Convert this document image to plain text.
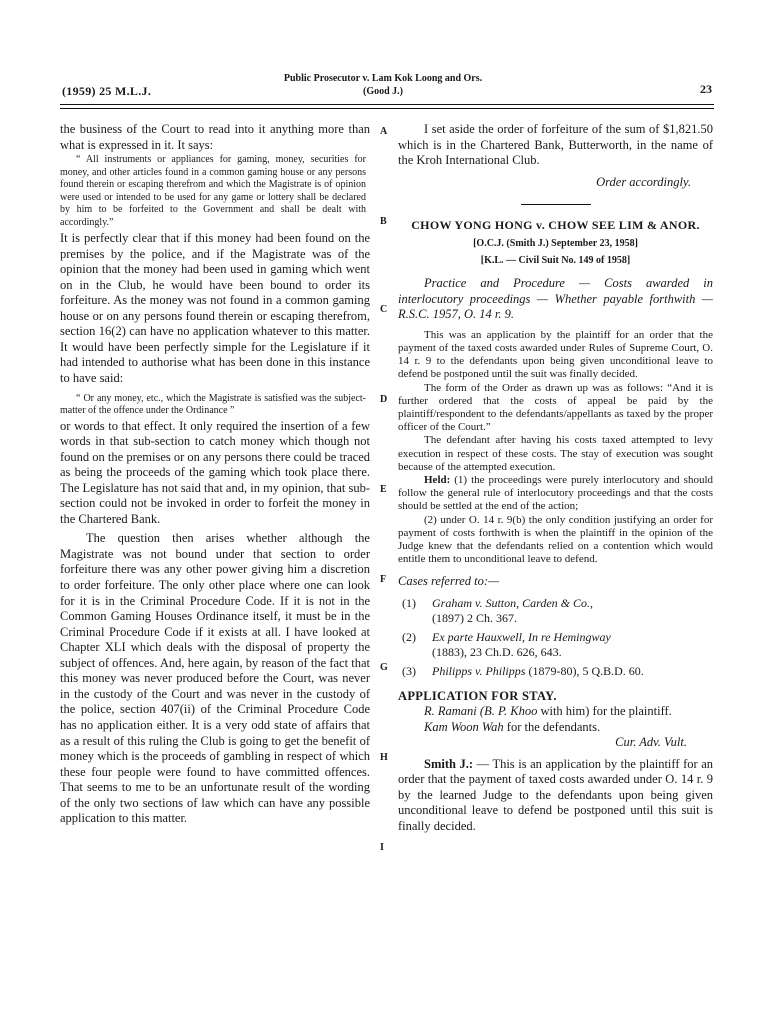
(1959) 25 M.L.J.
Public Prosecutor v. Lam Kok Loong and Ors.
(Good J.)	23
A
B
C
D
E
F
G
H
I

the business of the Court to read into it anything more than what is expressed in it. It says:

“ All instruments or appliances for gaming, money, securities for money, and other articles found in a common gaming house or any persons found therein or escaping therefrom and which the Magistrate is of opinion were used or intended to be used for any game or lottery shall be declared by him to be forfeited to the Government and shall be dealt with accordingly.”

It is perfectly clear that if this money had been found on the premises by the police, and if the Magistrate was of the opinion that the money had been used in gaming which went on in the Club, he would have been bound to order its forfeiture. As the money was not found in a common gaming house or on any persons found therein or escaping therefrom, section 16(2) can have no application whatever to this matter. It would have been perfectly simple for the Legislature if it had intended to authorise what has been done in this instance to have said:

“ Or any money, etc., which the Magistrate is satisfied was the subject-matter of the offence under the Ordinance ”

or words to that effect. It only required the insertion of a few words in that sub-section to catch money which though not found on the premises or on any persons there could be traced as being the proceeds of the gaming which took place there. The Legislature has not said that and, in my opinion, that sub-section could not be invoked in order to forfeit the money in the Chartered Bank.

The question then arises whether although the Magistrate was not bound under that section to order forfeiture there was any other power giving him a discretion to order forfeiture. The only other place where one can look for it is in the Criminal Procedure Code. If it is not in the Common Gaming Houses Ordinance itself, it must be in the Criminal Procedure Code if it exists at all. I have looked at Chapter XLI which deals with the disposal of property the subject of offences. And, here again, by reason of the fact that this money was never produced before the Court, was never in the custody of the Court and was never in the custody of the police, section 407(ii) of the Criminal Procedure Code has no application either. It is a very odd state of affairs that as a result of this ruling the Club is going to get the benefit of money which is the proceeds of gambling in respect of which these four people were found to have committed offences. That seems to me to be an unfortunate result of the wording of the only two sections of law which can have any possible application to this matter.

I set aside the order of forfeiture of the sum of $1,821.50 which is in the Chartered Bank, Butterworth, in the name of the Kroh International Club.

Order accordingly.

CHOW YONG HONG v. CHOW SEE LIM & ANOR.
[O.C.J. (Smith J.) September 23, 1958]
[K.L. — Civil Suit No. 149 of 1958]

Practice and Procedure — Costs awarded in interlocutory proceedings — Whether payable forthwith — R.S.C. 1957, O. 14 r. 9.

This was an application by the plaintiff for an order that the payment of the taxed costs awarded under Rules of Supreme Court, O. 14 r. 9 to the defendants upon being given unconditional leave to defend be postponed until the suit was finally decided.

The form of the Order as drawn up was as follows: “And it is further ordered that the costs of appeal be paid by the plaintiff/respondent to the defendants/appellants as taxed by the proper officer of the Court.”

The defendant after having his costs taxed attempted to levy execution in respect of these costs. The stay of execution was sought because of the attempted execution.

Held: (1) the proceedings were purely interlocutory and should follow the general rule of interlocutory proceedings and that the costs should be settled at the end of the action;

(2) under O. 14 r. 9(b) the only condition justifying an order for payment of costs forthwith is when the plaintiff in the opinion of the Judge knew that the defendants relied on a contention which would entitle them to unconditional leave to defend.

Cases referred to:—

(1)	Graham v. Sutton, Carden & Co.,
(1897) 2 Ch. 367.
(2)	Ex parte Hauxwell, In re Hemingway
(1883), 23 Ch.D. 626, 643.
(3)	Philipps v. Philipps (1879-80), 5 Q.B.D. 60.
APPLICATION FOR STAY.

R. Ramani (B. P. Khoo with him) for the plaintiff.

Kam Woon Wah for the defendants.

Cur. Adv. Vult.

Smith J.: — This is an application by the plaintiff for an order that the payment of taxed costs awarded under O. 14 r. 9 by the learned Judge to the defendants upon being given unconditional leave to defend be postponed until this suit is finally decided.
